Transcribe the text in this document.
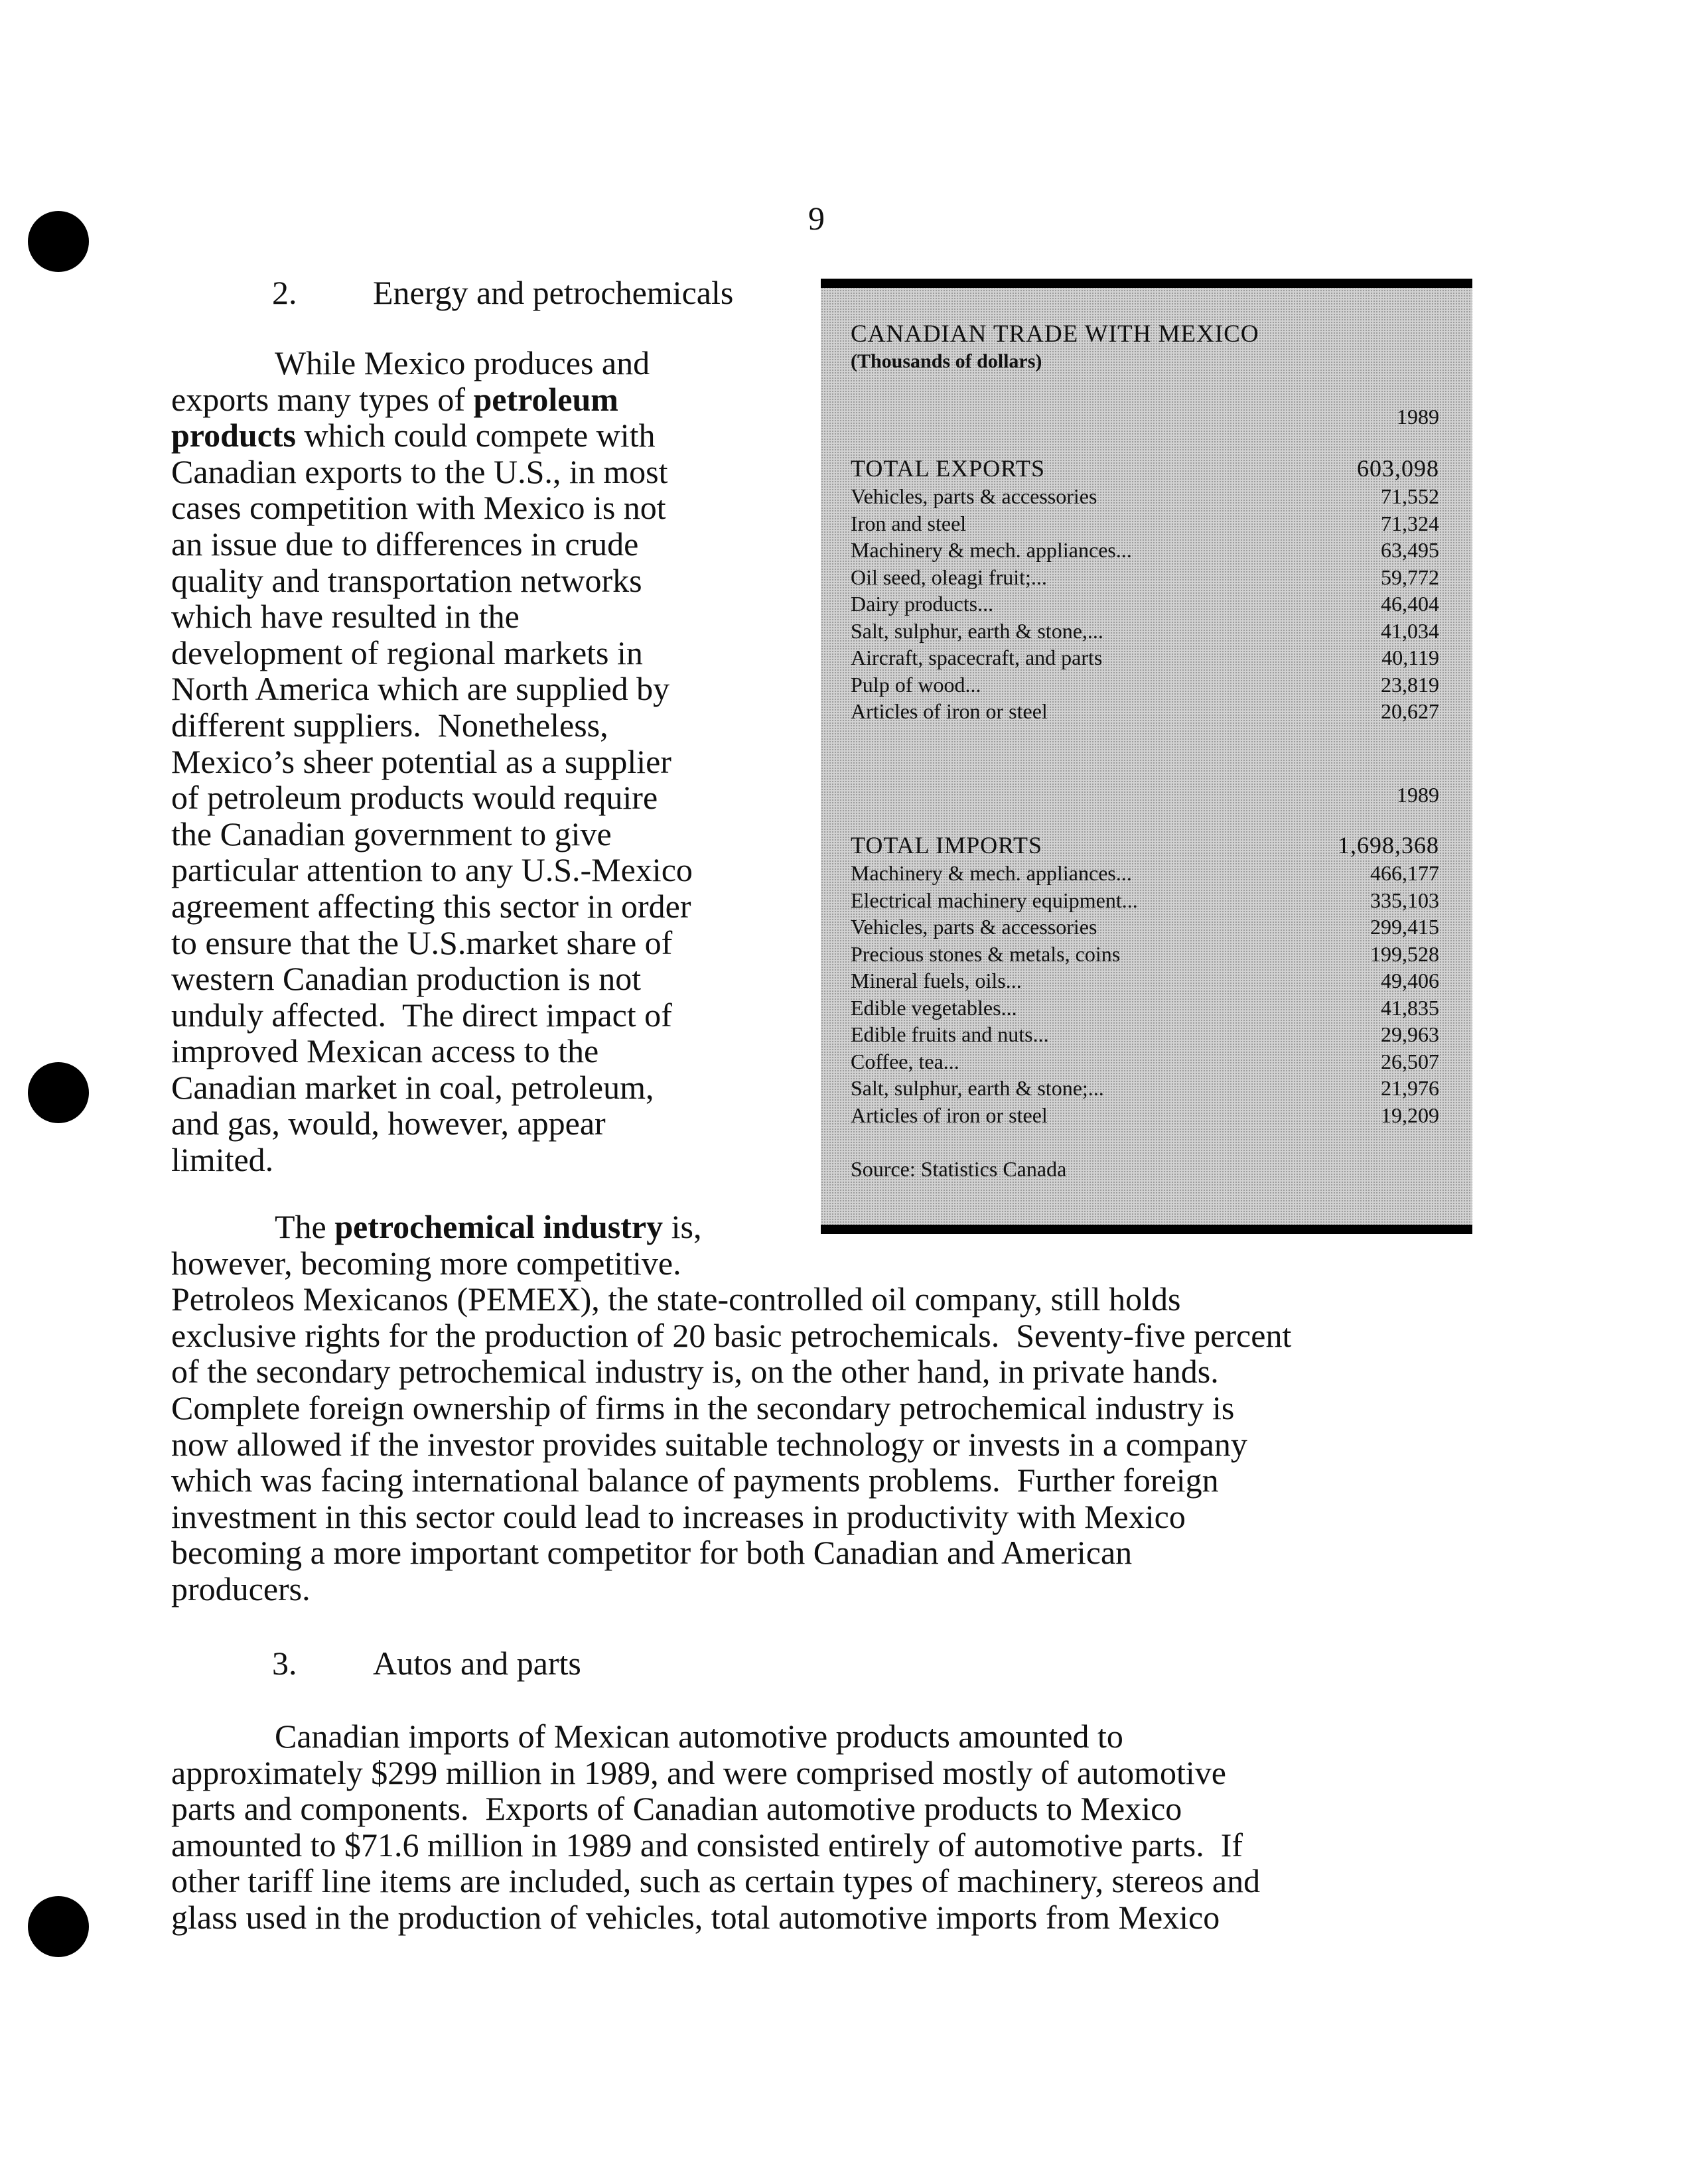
9
2. Energy and petrochemicals

While Mexico produces and
exports many types of petroleum
products which could compete with
Canadian exports to the U.S., in most
cases competition with Mexico is not
an issue due to differences in crude
quality and transportation networks
which have resulted in the
development of regional markets in
North America which are supplied by
different suppliers.  Nonetheless,
Mexico’s sheer potential as a supplier
of petroleum products would require
the Canadian government to give
particular attention to any U.S.-Mexico
agreement affecting this sector in order
to ensure that the U.S.market share of
western Canadian production is not
unduly affected.  The direct impact of
improved Mexican access to the
Canadian market in coal, petroleum,
and gas, would, however, appear
limited.

The petrochemical industry is,
however, becoming more competitive.
Petroleos Mexicanos (PEMEX), the state-controlled oil company, still holds
exclusive rights for the production of 20 basic petrochemicals.  Seventy-five percent
of the secondary petrochemical industry is, on the other hand, in private hands.
Complete foreign ownership of firms in the secondary petrochemical industry is
now allowed if the investor provides suitable technology or invests in a company
which was facing international balance of payments problems.  Further foreign
investment in this sector could lead to increases in productivity with Mexico
becoming a more important competitor for both Canadian and American
producers.

3. Autos and parts

Canadian imports of Mexican automotive products amounted to
approximately $299 million in 1989, and were comprised mostly of automotive
parts and components.  Exports of Canadian automotive products to Mexico
amounted to $71.6 million in 1989 and consisted entirely of automotive parts.  If
other tariff line items are included, such as certain types of machinery, stereos and
glass used in the production of vehicles, total automotive imports from Mexico

CANADIAN TRADE WITH MEXICO
(Thousands of dollars)
1989
TOTAL EXPORTS	603,098
Vehicles, parts & accessories	71,552
Iron and steel	71,324
Machinery & mech. appliances...	63,495
Oil seed, oleagi fruit;...	59,772
Dairy products...	46,404
Salt, sulphur, earth & stone,...	41,034
Aircraft, spacecraft, and parts	40,119
Pulp of wood...	23,819
Articles of iron or steel	20,627
1989
TOTAL IMPORTS	1,698,368
Machinery & mech. appliances...	466,177
Electrical machinery equipment...	335,103
Vehicles, parts & accessories	299,415
Precious stones & metals, coins	199,528
Mineral fuels, oils...	49,406
Edible vegetables...	41,835
Edible fruits and nuts...	29,963
Coffee, tea...	26,507
Salt, sulphur, earth & stone;...	21,976
Articles of iron or steel	19,209
Source: Statistics Canada
